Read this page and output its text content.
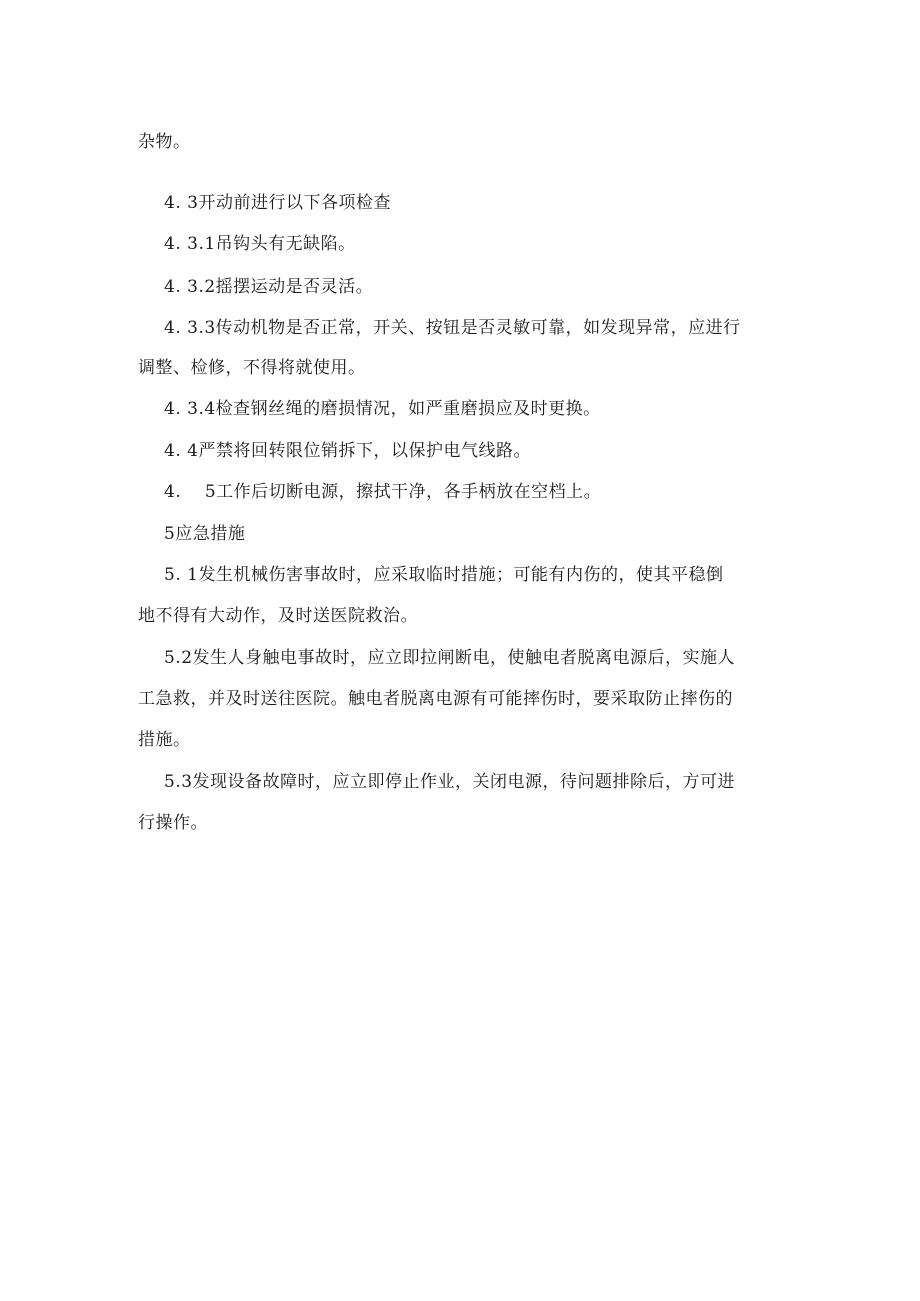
杂物。
4. 3开动前进行以下各项检查
4. 3.1吊钩头有无缺陷。
4. 3.2摇摆运动是否灵活。
4. 3.3传动机物是否正常，开关、按钮是否灵敏可靠，如发现异常，应进行
调整、检修，不得将就使用。
4. 3.4检查钢丝绳的磨损情况，如严重磨损应及时更换。
4. 4严禁将回转限位销拆下，以保护电气线路。
4.    5工作后切断电源，擦拭干净，各手柄放在空档上。
5应急措施
5. 1发生机械伤害事故时，应采取临时措施；可能有内伤的，使其平稳倒
地不得有大动作，及时送医院救治。
5.2发生人身触电事故时，应立即拉闸断电，使触电者脱离电源后，实施人
工急救，并及时送往医院。触电者脱离电源有可能摔伤时，要采取防止摔伤的
措施。
5.3发现设备故障时，应立即停止作业，关闭电源，待问题排除后，方可进
行操作。
